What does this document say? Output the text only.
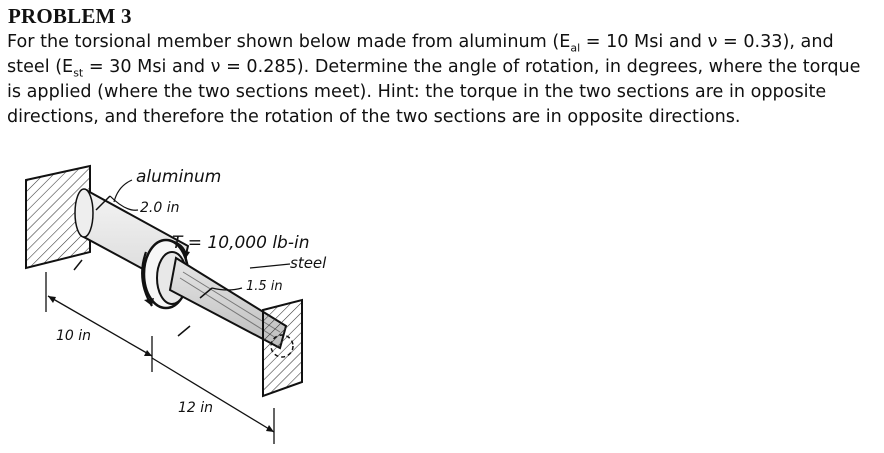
PROBLEM 3
For the torsional member shown below made from aluminum ($E_{al} = 10$ Msi and ν = 0.33), and
steel ($E_{st} = 30$ Msi and ν = 0.285). Determine the angle of rotation, in degrees, where the torque
is applied (where the two sections meet). Hint: the torque in the two sections are in opposite
directions, and therefore the rotation of the two sections are in opposite directions.
aluminum
2.0 in
T = 10,000 lb-in
steel
1.5 in
10 in
12 in
